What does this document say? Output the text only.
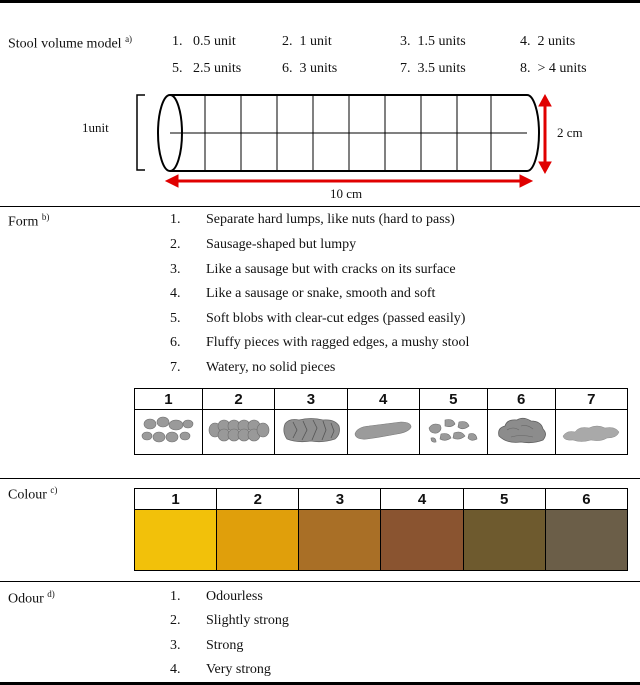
Stool volume model $^{a)}$	1. 0.5 unit	2. 1 unit	3. 1.5 units	4. 2 units
5. 2.5 units	6. 3 units	7. 3.5 units	8. > 4 units
1unit	2 cm
10 cm
Form $^{b)}$	1. Separate hard lumps, like nuts (hard to pass)
2. Sausage-shaped but lumpy
3. Like a sausage but with cracks on its surface
4. Like a sausage or snake, smooth and soft
5. Soft blobs with clear-cut edges (passed easily)
6. Fluffy pieces with ragged edges, a mushy stool
7. Watery, no solid pieces
1	2	3	4	5	6	7

Colour $^{c)}$
1	2	3	4	5	6

Odour $^{d)}$	1. Odourless
2. Slightly strong
3. Strong
4. Very strong
